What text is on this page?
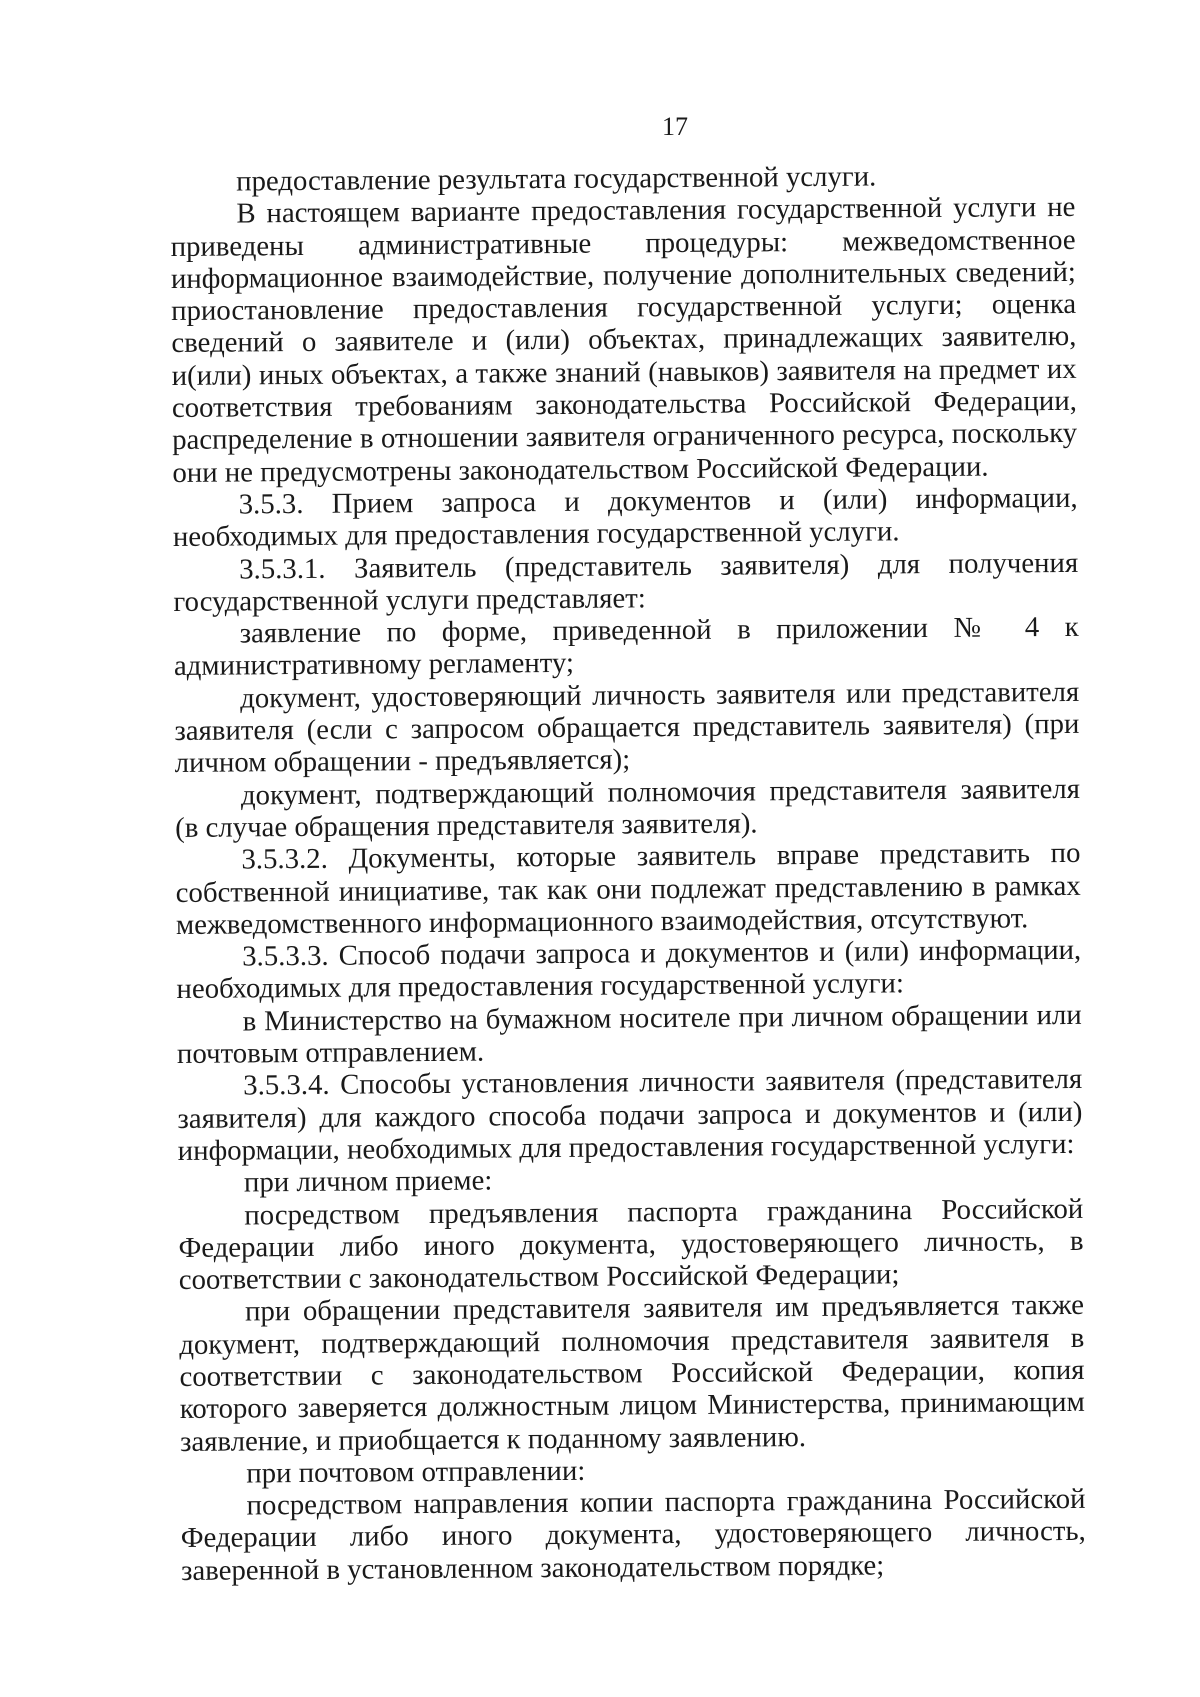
17

предоставление результата государственной услуги.

В настоящем варианте предоставления государственной услуги не приведены административные процедуры: межведомственное информационное взаимодействие, получение дополнительных сведений; приостановление предоставления государственной услуги; оценка сведений о заявителе и (или) объектах, принадлежащих заявителю, и(или) иных объектах, а также знаний (навыков) заявителя на предмет их соответствия требованиям законодательства Российской Федерации, распределение в отношении заявителя ограниченного ресурса, поскольку они не предусмотрены законодательством Российской Федерации.

3.5.3. Прием запроса и документов и (или) информации, необходимых для предоставления государственной услуги.

3.5.3.1. Заявитель (представитель заявителя) для получения государственной услуги представляет:

заявление по форме, приведенной в приложении № 4 к административному регламенту;

документ, удостоверяющий личность заявителя или представителя заявителя (если с запросом обращается представитель заявителя) (при личном обращении - предъявляется);

документ, подтверждающий полномочия представителя заявителя (в случае обращения представителя заявителя).

3.5.3.2. Документы, которые заявитель вправе представить по собственной инициативе, так как они подлежат представлению в рамках межведомственного информационного взаимодействия, отсутствуют.

3.5.3.3. Способ подачи запроса и документов и (или) информации, необходимых для предоставления государственной услуги:

в Министерство на бумажном носителе при личном обращении или почтовым отправлением.

3.5.3.4. Способы установления личности заявителя (представителя заявителя) для каждого способа подачи запроса и документов и (или) информации, необходимых для предоставления государственной услуги:

при личном приеме:

посредством предъявления паспорта гражданина Российской Федерации либо иного документа, удостоверяющего личность, в соответствии с законодательством Российской Федерации;

при обращении представителя заявителя им предъявляется также документ, подтверждающий полномочия представителя заявителя в соответствии с законодательством Российской Федерации, копия которого заверяется должностным лицом Министерства, принимающим заявление, и приобщается к поданному заявлению.

при почтовом отправлении:

посредством направления копии паспорта гражданина Российской Федерации либо иного документа, удостоверяющего личность, заверенной в установленном законодательством порядке;
